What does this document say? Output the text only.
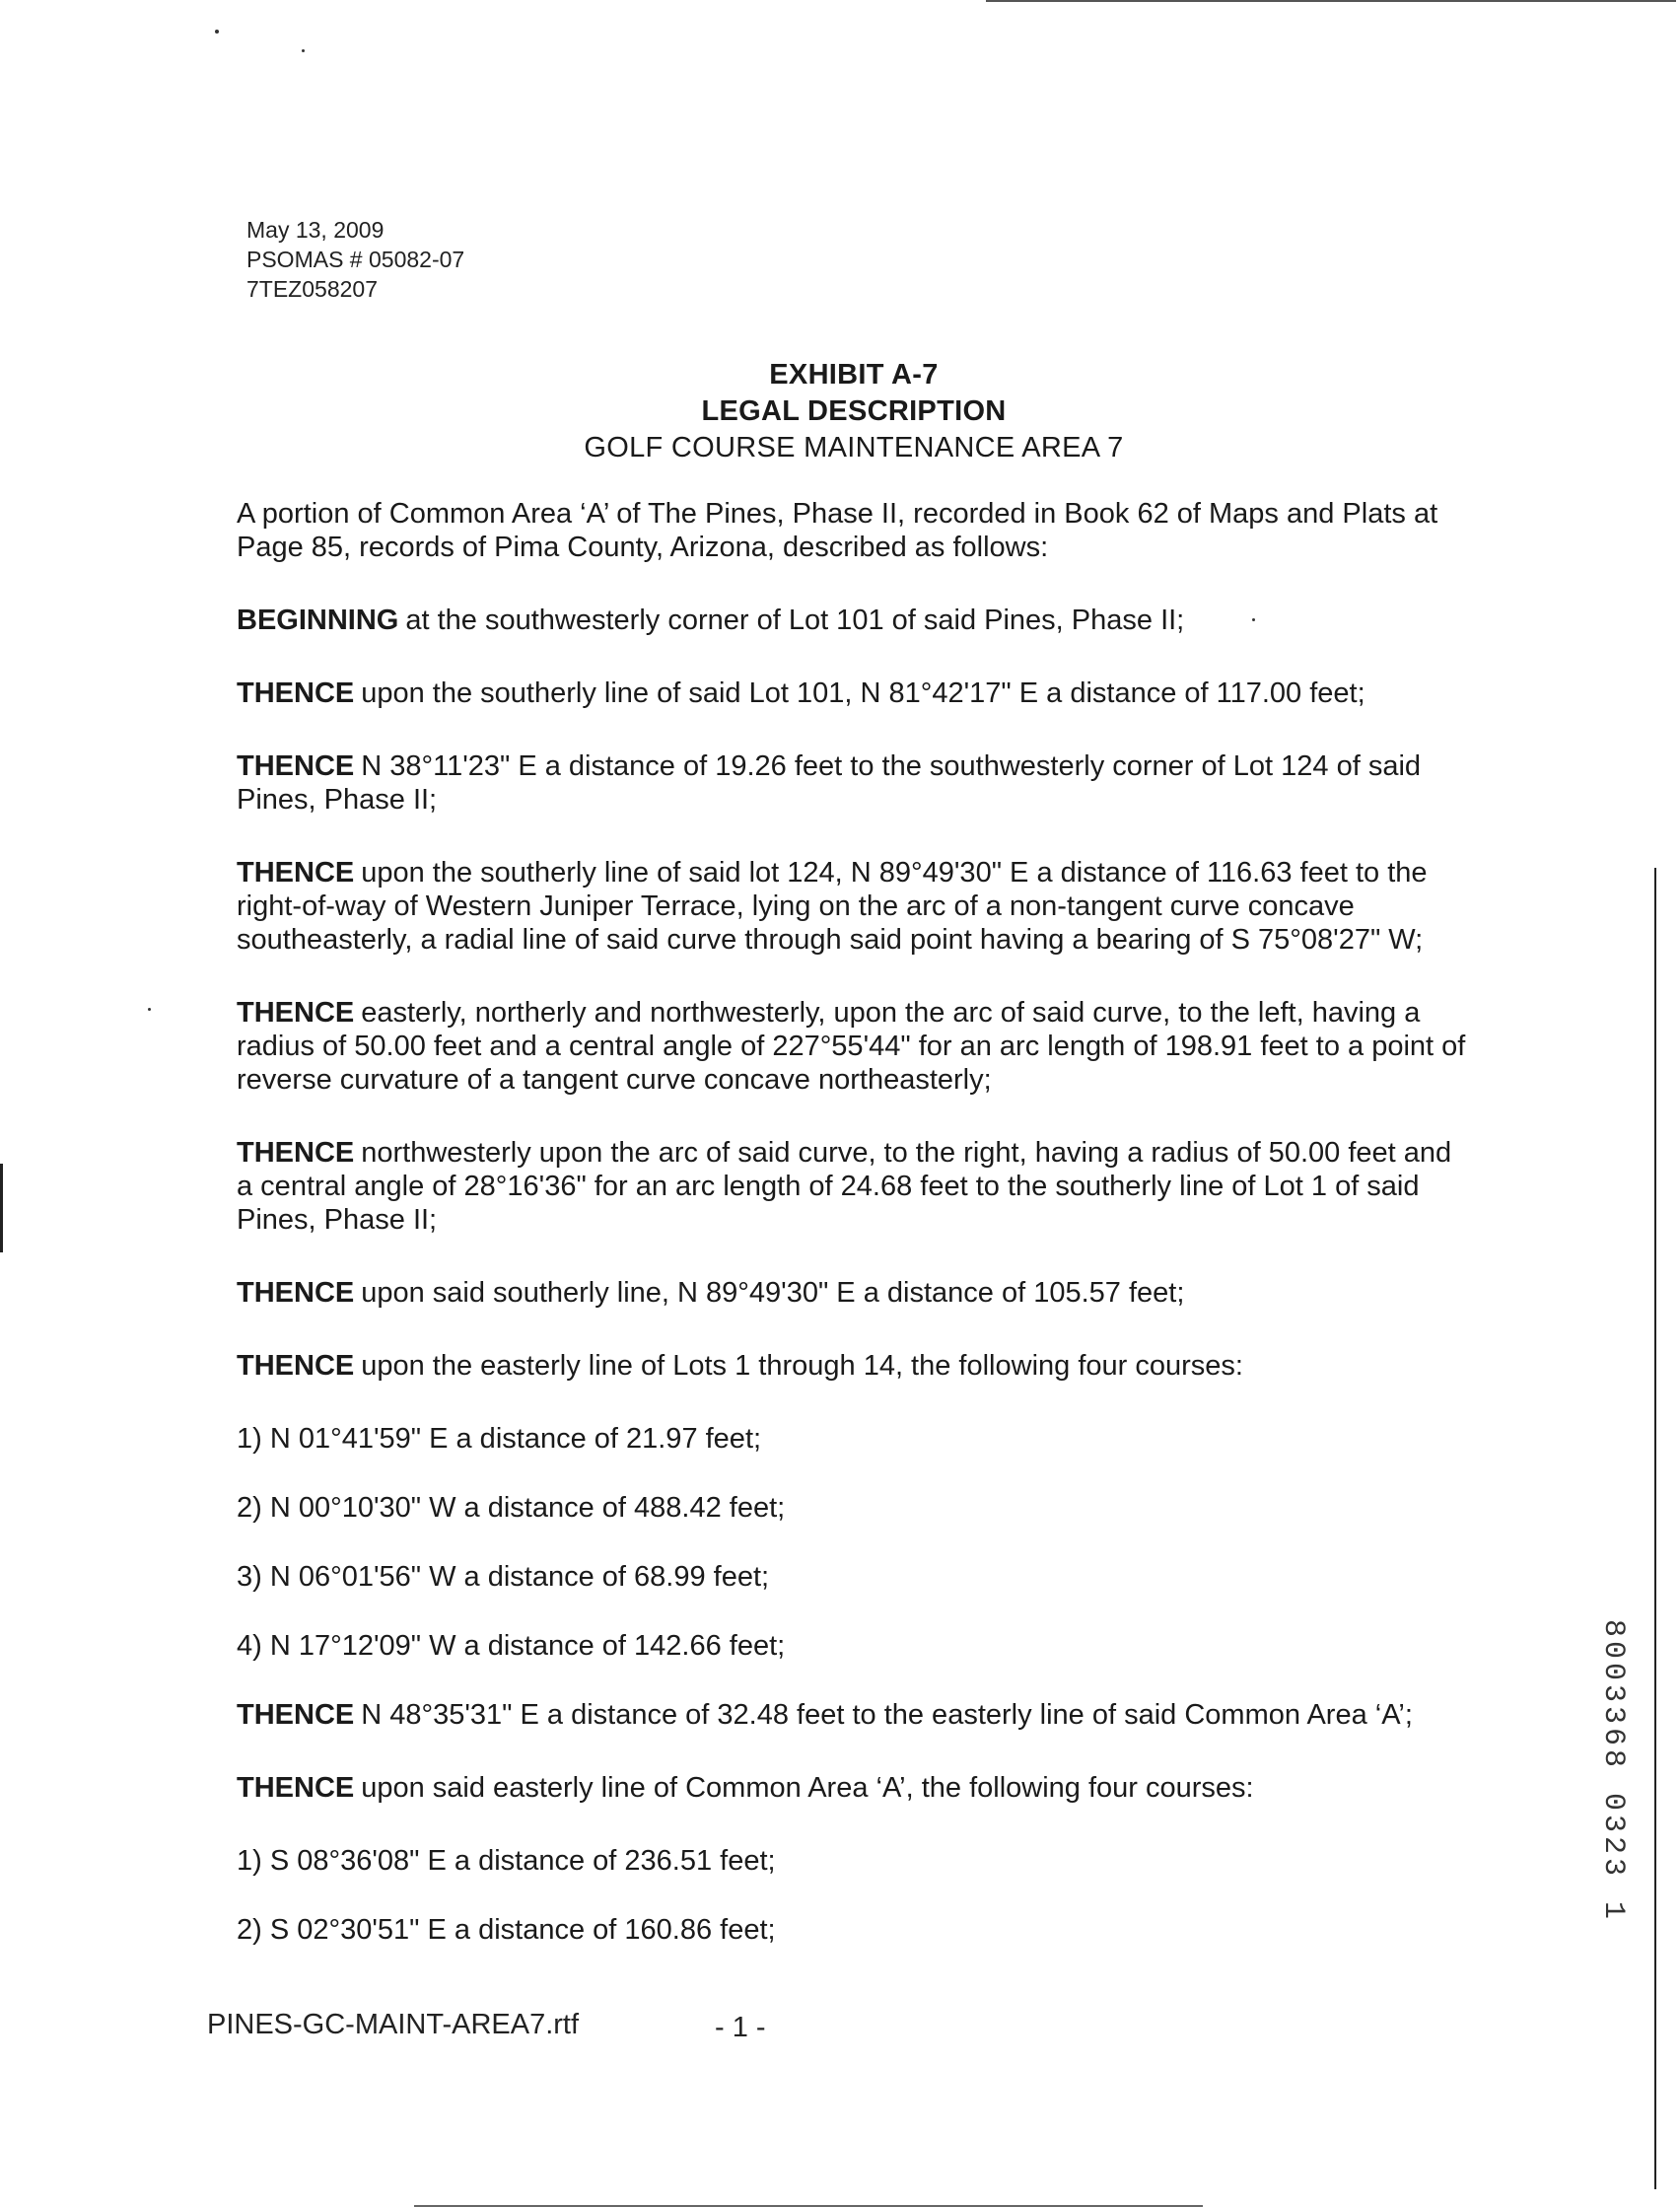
May 13, 2009
PSOMAS # 05082-07
7TEZ058207
EXHIBIT A-7
LEGAL DESCRIPTION
GOLF COURSE MAINTENANCE AREA 7

A portion of Common Area ‘A’ of The Pines, Phase II, recorded in Book 62 of Maps and Plats at Page 85, records of Pima County, Arizona, described as follows:

BEGINNING at the southwesterly corner of Lot 101 of said Pines, Phase II;

THENCE upon the southerly line of said Lot 101, N 81°42'17" E a distance of 117.00 feet;

THENCE N 38°11'23" E a distance of 19.26 feet to the southwesterly corner of Lot 124 of said Pines, Phase II;

THENCE upon the southerly line of said lot 124, N 89°49'30" E a distance of 116.63 feet to the right-of-way of Western Juniper Terrace, lying on the arc of a non-tangent curve concave southeasterly, a radial line of said curve through said point having a bearing of S 75°08'27" W;

THENCE easterly, northerly and northwesterly, upon the arc of said curve, to the left, having a radius of 50.00 feet and a central angle of 227°55'44" for an arc length of 198.91 feet to a point of reverse curvature of a tangent curve concave northeasterly;

THENCE northwesterly upon the arc of said curve, to the right, having a radius of 50.00 feet and a central angle of 28°16'36" for an arc length of 24.68 feet to the southerly line of Lot 1 of said Pines, Phase II;

THENCE upon said southerly line, N 89°49'30" E a distance of 105.57 feet;

THENCE upon the easterly line of Lots 1 through 14, the following four courses:

1) N 01°41'59" E a distance of 21.97 feet;

2) N 00°10'30" W a distance of 488.42 feet;

3) N 06°01'56" W a distance of 68.99 feet;

4) N 17°12'09" W a distance of 142.66 feet;

THENCE N 48°35'31" E a distance of 32.48 feet to the easterly line of said Common Area ‘A’;

THENCE upon said easterly line of Common Area ‘A’, the following four courses:

1) S 08°36'08" E a distance of 236.51 feet;

2) S 02°30'51" E a distance of 160.86 feet;

PINES-GC-MAINT-AREA7.rtf	- 1 -
8003368 0323 1
